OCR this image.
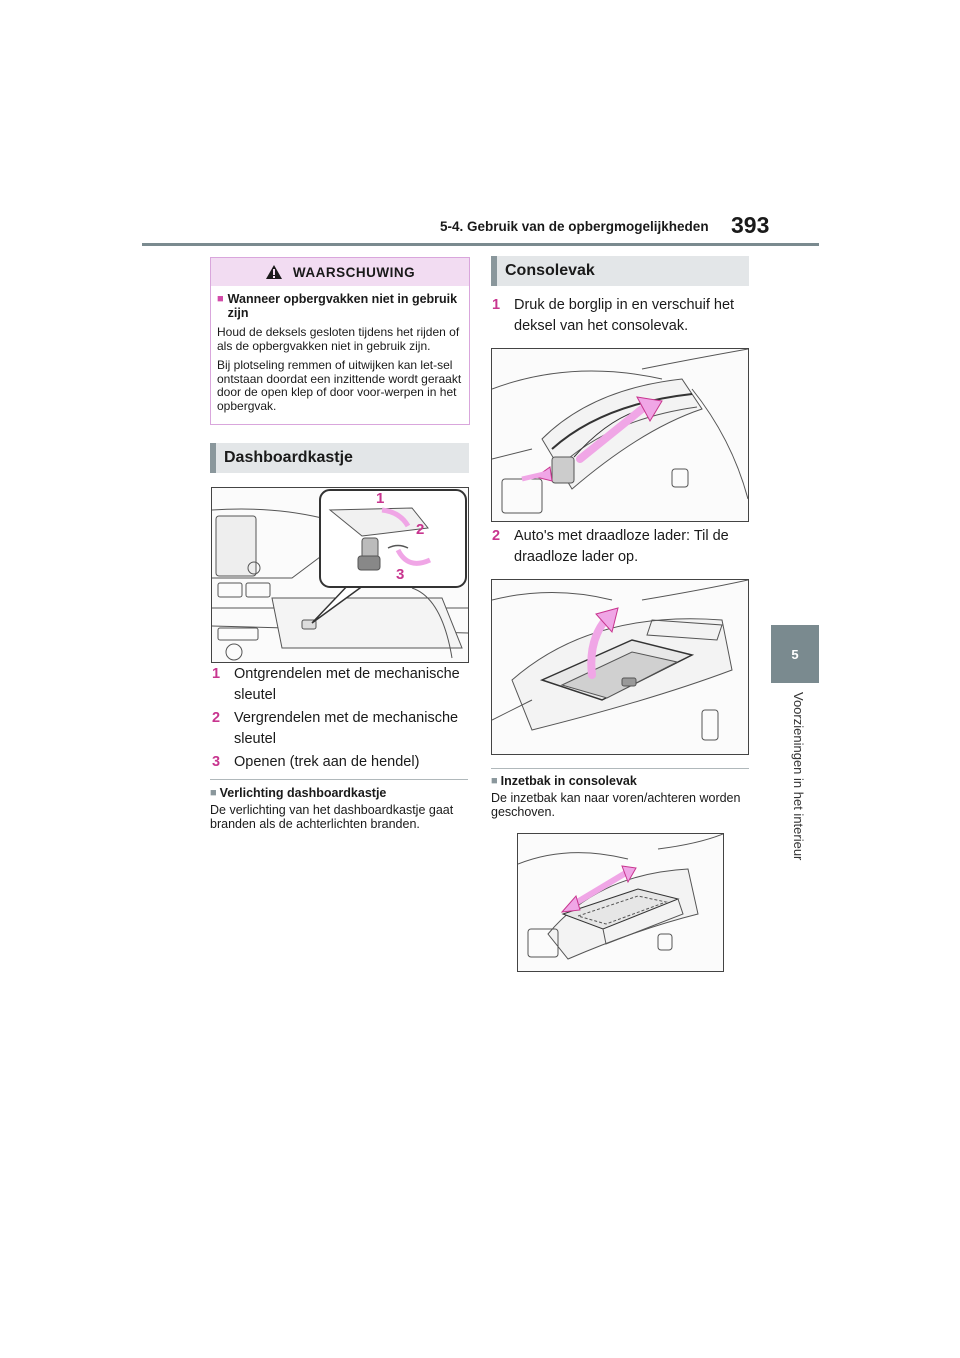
5-4. Gebruik van de opbergmogelijkheden 393
5
Voorzieningen in het interieur
WAARSCHUWING
■ Wanneer opbergvakken niet in gebruik zijn
Houd de deksels gesloten tijdens het rijden of als de opbergvakken niet in gebruik zijn.
Bij plotseling remmen of uitwijken kan let-sel ontstaan doordat een inzittende wordt geraakt door de open klep of door voor-werpen in het opbergvak.
Dashboardkastje
1
2
3
1 Ontgrendelen met de mechanische sleutel
2 Vergrendelen met de mechanische sleutel
3 Openen (trek aan de hendel)
■ Verlichting dashboardkastje
De verlichting van het dashboardkastje gaat branden als de achterlichten branden.
Consolevak
1 Druk de borglip in en verschuif het deksel van het consolevak.
2 Auto's met draadloze lader: Til de draadloze lader op.
■ Inzetbak in consolevak
De inzetbak kan naar voren/achteren worden geschoven.
